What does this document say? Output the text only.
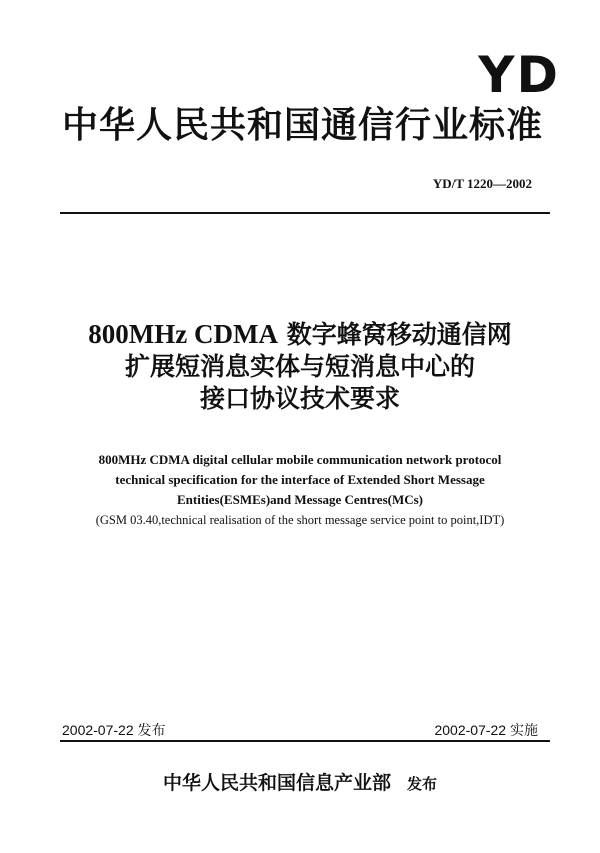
YD
中华人民共和国通信行业标准
YD/T 1220—2002
800MHz CDMA 数字蜂窝移动通信网
扩展短消息实体与短消息中心的
接口协议技术要求
800MHz CDMA digital cellular mobile communication network protocol
technical specification for the interface of Extended Short Message
Entities(ESMEs)and Message Centres(MCs)
(GSM 03.40,technical realisation of the short message service point to point,IDT)
2002-07-22 发布	2002-07-22 实施
中华人民共和国信息产业部 发布
